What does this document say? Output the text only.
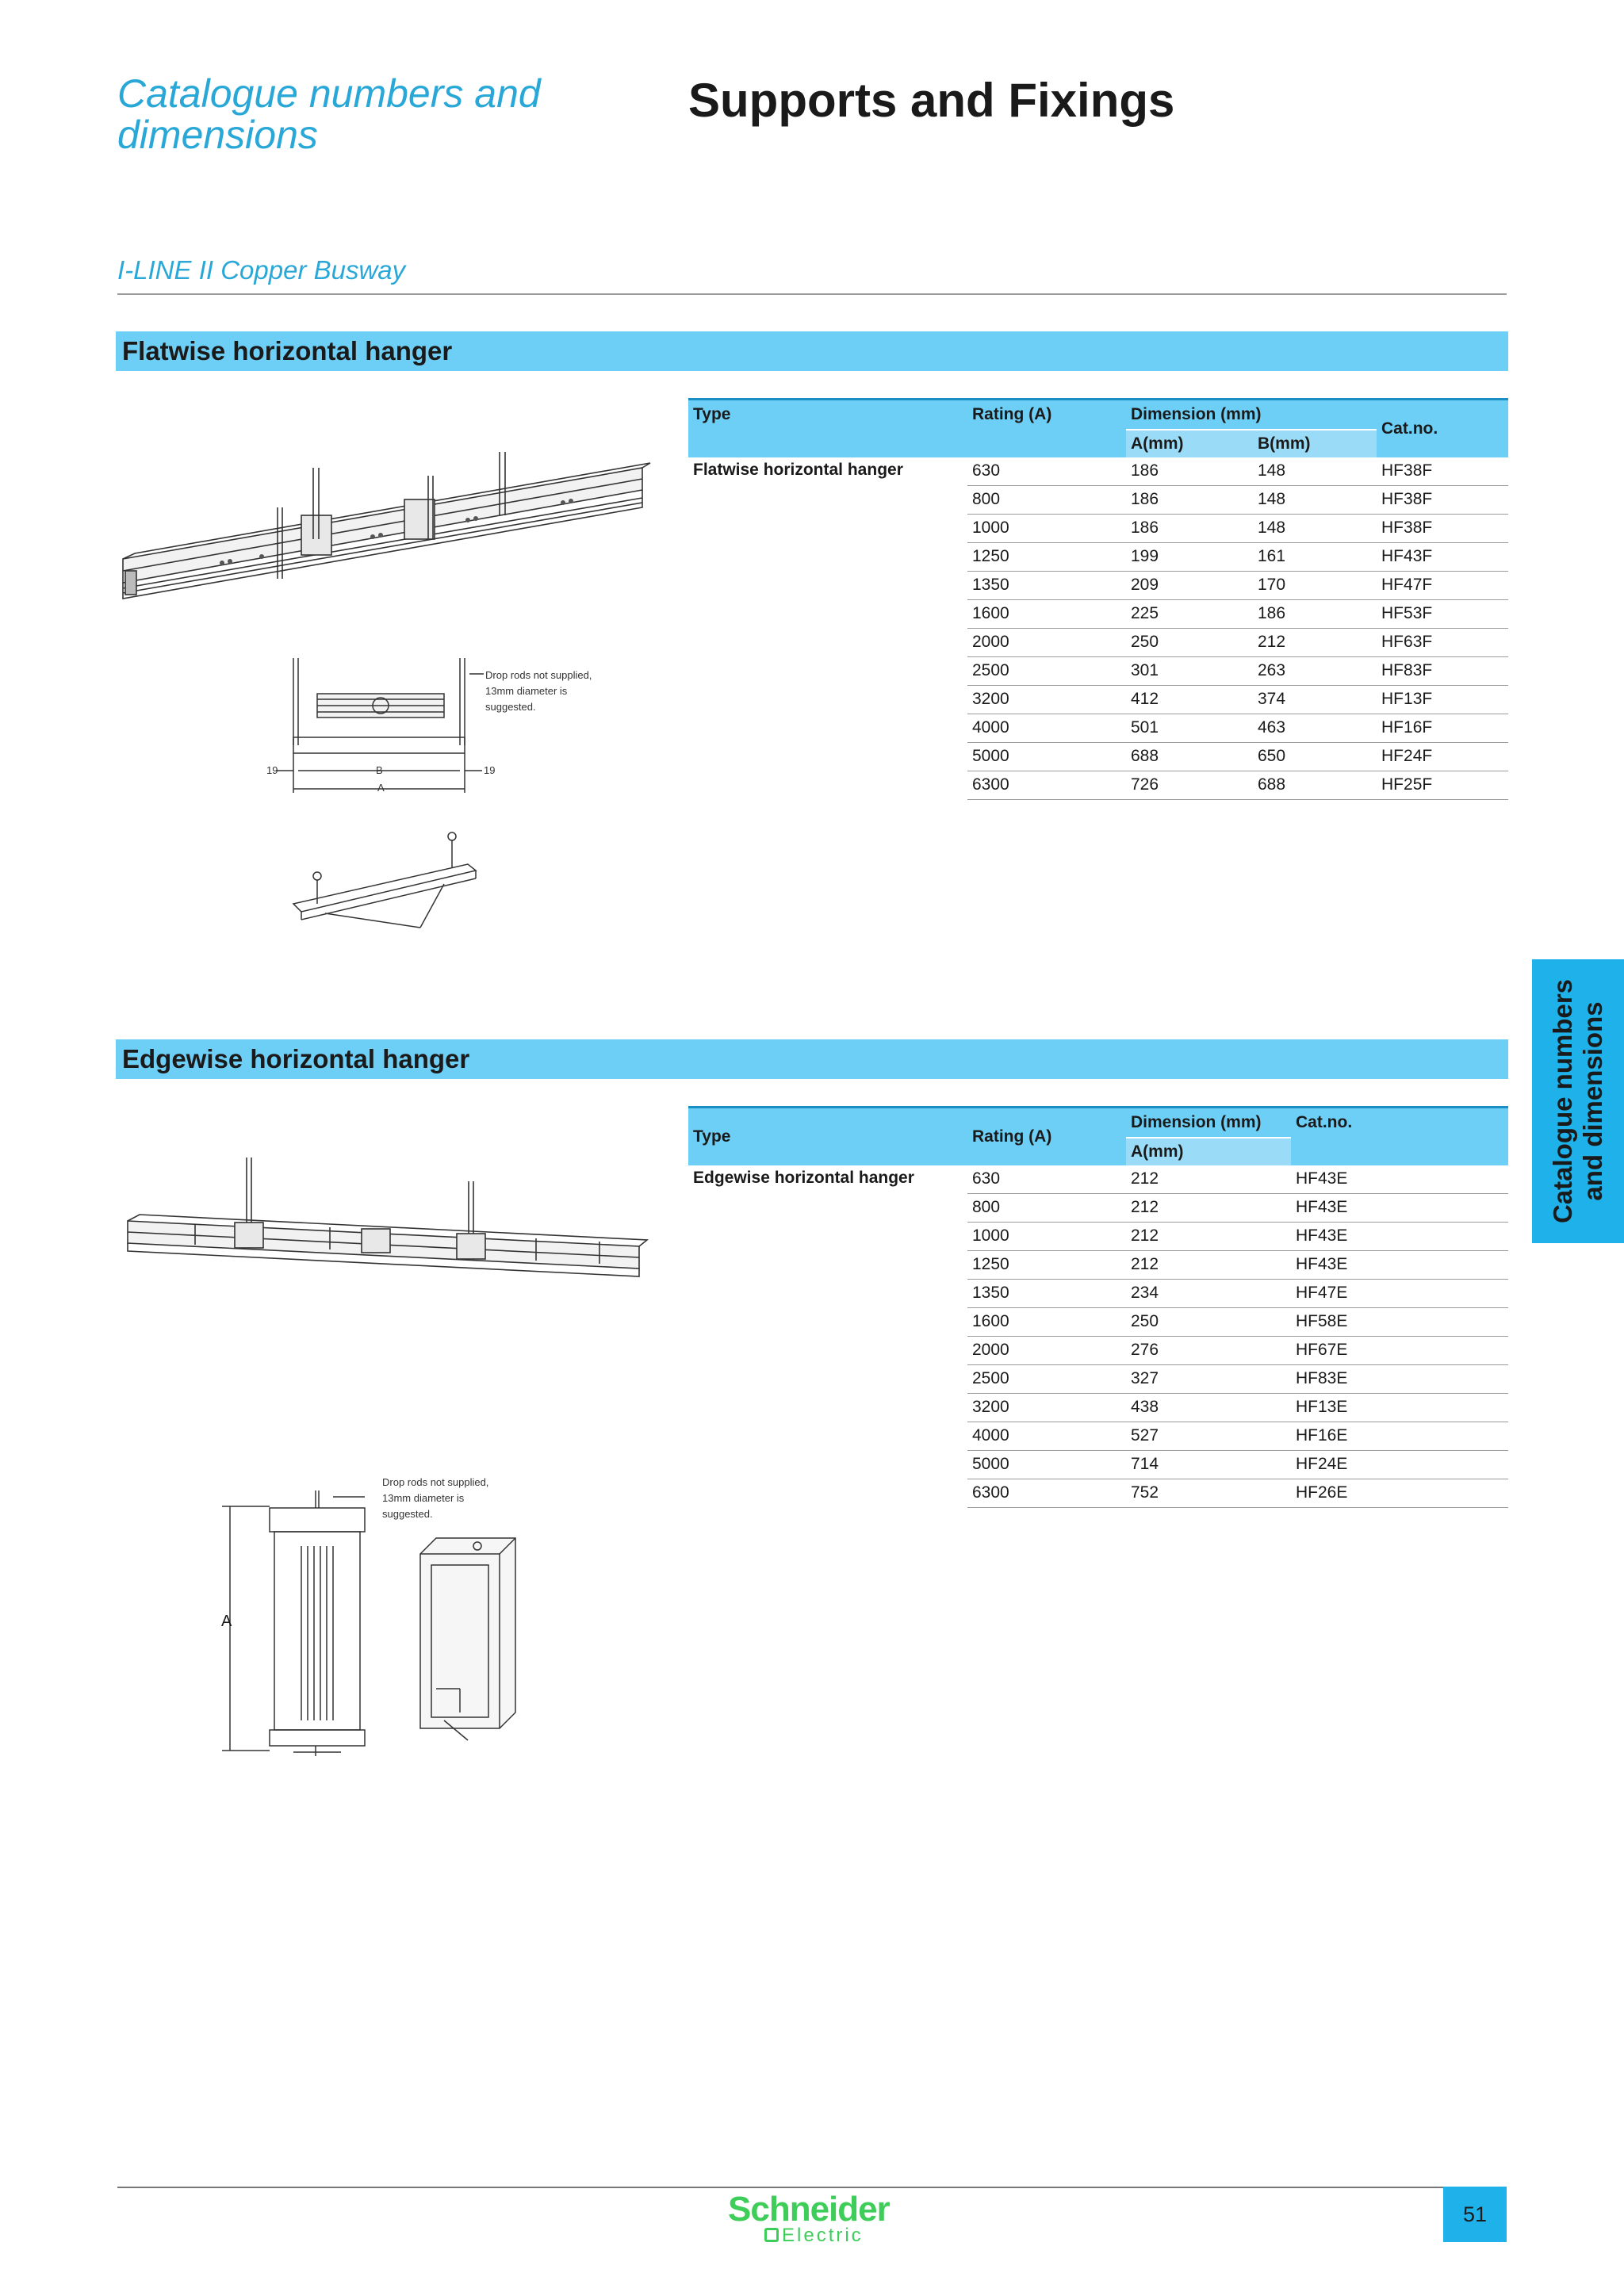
Catalogue numbers and
dimensions
Supports and Fixings
I-LINE II Copper Busway
Flatwise horizontal hanger
Drop rods not supplied,
13mm diameter is
suggested.
19	B	19
A
Type	Rating (A)	Dimension (mm)		Cat.no.
		A(mm)	B(mm)	
Flatwise horizontal hanger	630	186	148	HF38F
	800	186	148	HF38F
	1000	186	148	HF38F
	1250	199	161	HF43F
	1350	209	170	HF47F
	1600	225	186	HF53F
	2000	250	212	HF63F
	2500	301	263	HF83F
	3200	412	374	HF13F
	4000	501	463	HF16F
	5000	688	650	HF24F
	6300	726	688	HF25F
Edgewise horizontal hanger
Drop rods not supplied,
13mm diameter is
suggested.
A
Type	Rating (A)	Dimension (mm)	Cat.no.
		A(mm)	
Edgewise horizontal hanger	630	212	HF43E
	800	212	HF43E
	1000	212	HF43E
	1250	212	HF43E
	1350	234	HF47E
	1600	250	HF58E
	2000	276	HF67E
	2500	327	HF83E
	3200	438	HF13E
	4000	527	HF16E
	5000	714	HF24E
	6300	752	HF26E
Catalogue numbers and dimensions
Schneider
Electric
51
